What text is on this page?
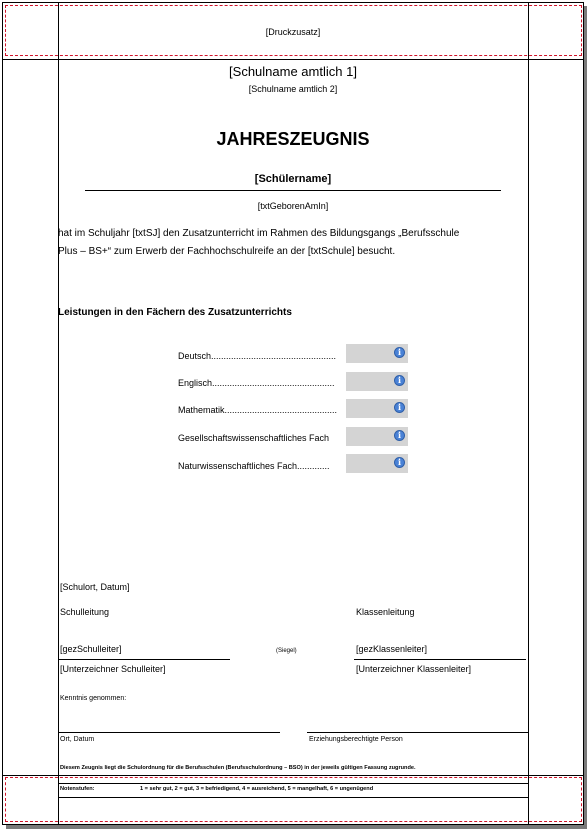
[Druckzusatz]
[Schulname amtlich 1]
[Schulname amtlich 2]
JAHRESZEUGNIS
[Schülername]
[txtGeborenAmIn]
hat im Schuljahr [txtSJ] den Zusatzunterricht im Rahmen des Bildungsgangs „Berufsschule
Plus – BS+“ zum Erwerb der Fachhochschulreife an der [txtSchule] besucht.
Leistungen in den Fächern des Zusatzunterrichts
Deutsch..................................................	i
Englisch.................................................	i
Mathematik.............................................	i
Gesellschaftswissenschaftliches Fach	i
Naturwissenschaftliches Fach.............	i
[Schulort, Datum]
Schulleitung	Klassenleitung
[gezSchulleiter]	[gezKlassenleiter]
(Siegel)
[Unterzeichner Schulleiter]	[Unterzeichner Klassenleiter]
Kenntnis genommen:
Ort, Datum	Erziehungsberechtigte Person
Diesem Zeugnis liegt die Schulordnung für die Berufsschulen (Berufsschulordnung – BSO) in der jeweils gültigen Fassung zugrunde.
Notenstufen:	1 = sehr gut, 2 = gut, 3 = befriedigend, 4 = ausreichend, 5 = mangelhaft, 6 = ungenügend
